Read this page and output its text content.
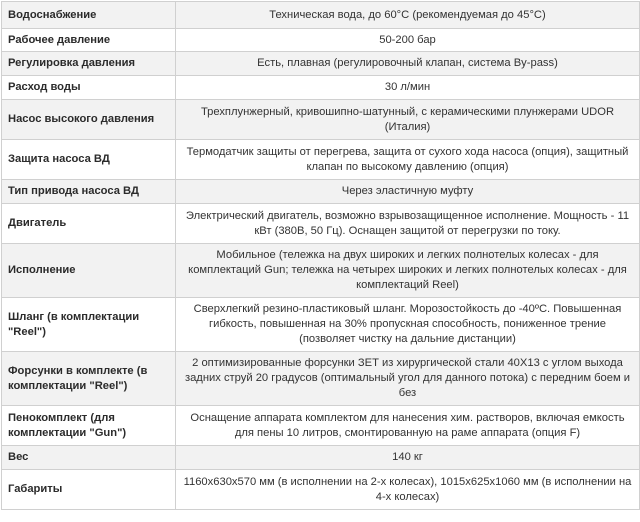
Водоснабжение	Техническая вода, до 60°С (рекомендуемая до 45°С)
Рабочее давление	50-200 бар
Регулировка давления	Есть, плавная (регулировочный клапан, система By-pass)
Расход воды	30 л/мин
Насос высокого давления	Трехплунжерный, кривошипно-шатунный, с керамическими плунжерами UDOR (Италия)
Защита насоса ВД	Термодатчик защиты от перегрева, защита от сухого хода насоса (опция), защитный клапан по высокому давлению (опция)
Тип привода насоса ВД	Через эластичную муфту
Двигатель	Электрический двигатель, возможно взрывозащищенное исполнение. Мощность - 11 кВт (380В, 50 Гц). Оснащен защитой от перегрузки по току.
Исполнение	Мобильное (тележка на двух широких и легких полнотелых колесах - для комплектаций Gun; тележка на четырех широких и легких полнотелых колесах - для комплектаций Reel)
Шланг (в комплектации "Reel")	Сверхлегкий резино-пластиковый шланг. Морозостойкость до -40ºС. Повышенная гибкость, повышенная на 30% пропускная способность, пониженное трение (позволяет чистку на дальние дистанции)
Форсунки в комплекте (в комплектации "Reel")	2 оптимизированные форсунки ЗЕТ из хирургической стали 40Х13 с углом выхода задних струй 20 градусов (оптимальный угол для данного потока) с передним боем и без
Пенокомплект (для комплектации "Gun")	Оснащение аппарата комплектом для нанесения хим. растворов, включая емкость для пены 10 литров, смонтированную на раме аппарата (опция F)
Вес	140 кг
Габариты	1160х630х570 мм (в исполнении на 2-х колесах), 1015х625х1060 мм (в исполнении на 4-х колесах)
